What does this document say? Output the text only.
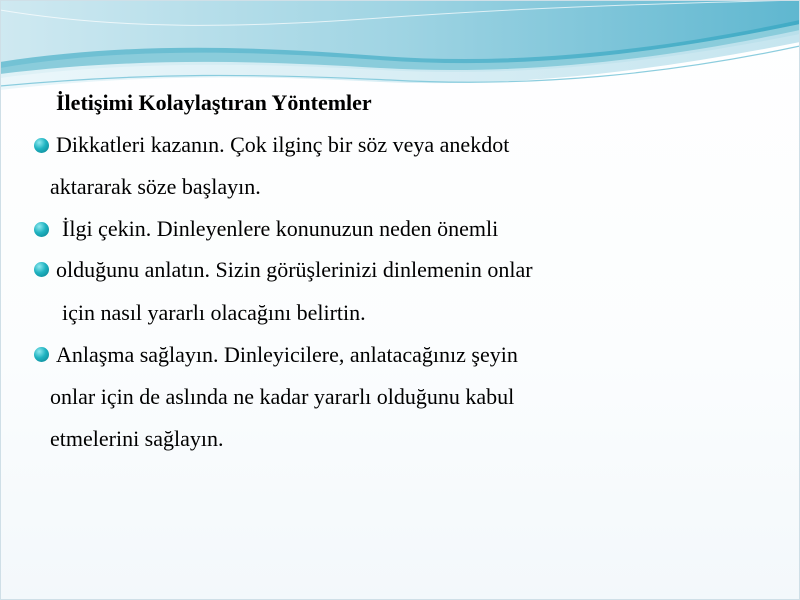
İletişimi Kolaylaştıran Yöntemler
Dikkatleri kazanın. Çok ilginç bir söz veya anekdot
aktararak söze başlayın.
İlgi çekin. Dinleyenlere konunuzun neden önemli
olduğunu anlatın. Sizin görüşlerinizi dinlemenin onlar
için nasıl yararlı olacağını belirtin.
Anlaşma sağlayın. Dinleyicilere, anlatacağınız şeyin
onlar için de aslında ne kadar yararlı olduğunu kabul
etmelerini sağlayın.
